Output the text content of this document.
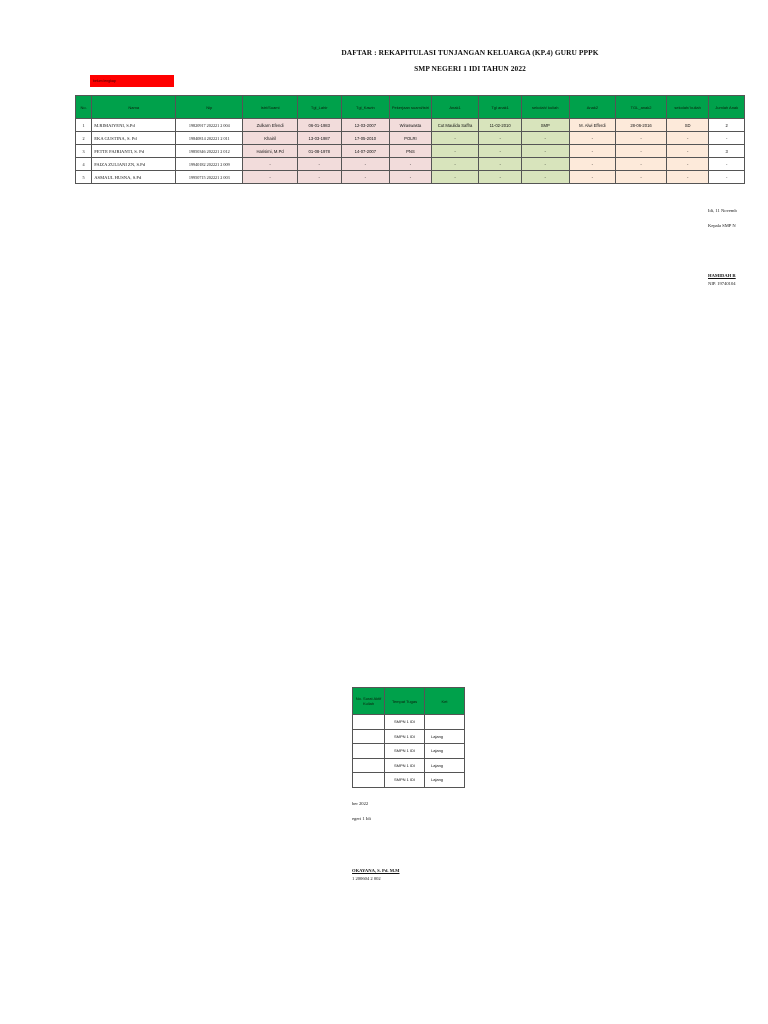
DAFTAR : REKAPITULASI TUNJANGAN KELUARGA (KP.4) GURU PPPK
SMP NEGERI 1 IDI TAHUN 2022
belum lengkap
No.	Nama	Nip	Istri/Suami	Tgl_Lahir	Tgl_Kawin	Pekerjaan suami/istri	Anak1	Tgl anak1	sekolah/ kuliah	Anak2	TGL_anak2	sekolah/ kuliah	Jumlah Anak
1	M.RIMAIYENI, S.Pd	19820917 202221 2 004	Zulkarn Efendi	06-01-1983	12-03-2007	Wiraswasta	Cut Maulida Saffra	11-02-2010	SMP	M. Alwi Efferdi	28-06-2016	SD	2
2	EKA GUSTINA, S. Pd	19840814 202221 2 011	Khairil	13-03-1987	17-05-2010	POLRI	-	-	-	-	-	-	-
3	FETTE FAJRIANTI, S. Pd	19850346 202221 2 012	Harisimi, M.Pd	01-08-1978	14-07-2007	PNS	-	-	-	-	-	-	3
4	FAIZA ZULIANI ZN, S.Pd	19940182 202221 2 009	-	-	-	-	-	-	-	-	-	-	-
5	ASMAUL HUSNA, S.Pd	19950715 202221 2 003	-	-	-	-	-	-	-	-	-	-	-
Idi, 11 Novemb
Kepala SMP N
HAMIDAH R
NIP. 19740104
No. Surat Aktif Kuliah	Tempat Tugas	Ket
	SMPN 1 IDI	
	SMPN 1 IDI	Lajang
	SMPN 1 IDI	Lajang
	SMPN 1 IDI	Lajang
	SMPN 1 IDI	Lajang
ber 2022
egeri 1 Idi
OKAYANA, S. Pd. M.M
1 200604 2 002
